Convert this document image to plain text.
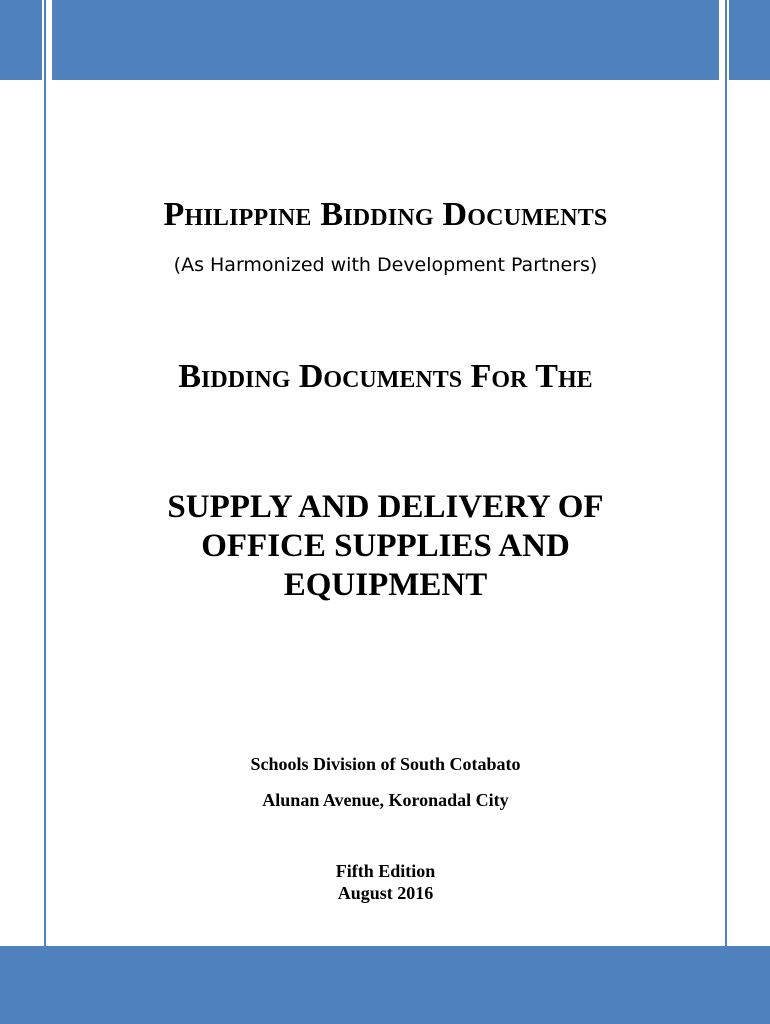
Philippine Bidding Documents

(As Harmonized with Development Partners)

Bidding Documents For The
SUPPLY AND DELIVERY OF
OFFICE SUPPLIES AND
EQUIPMENT

Schools Division of South Cotabato

Alunan Avenue, Koronadal City

Fifth Edition

August 2016
